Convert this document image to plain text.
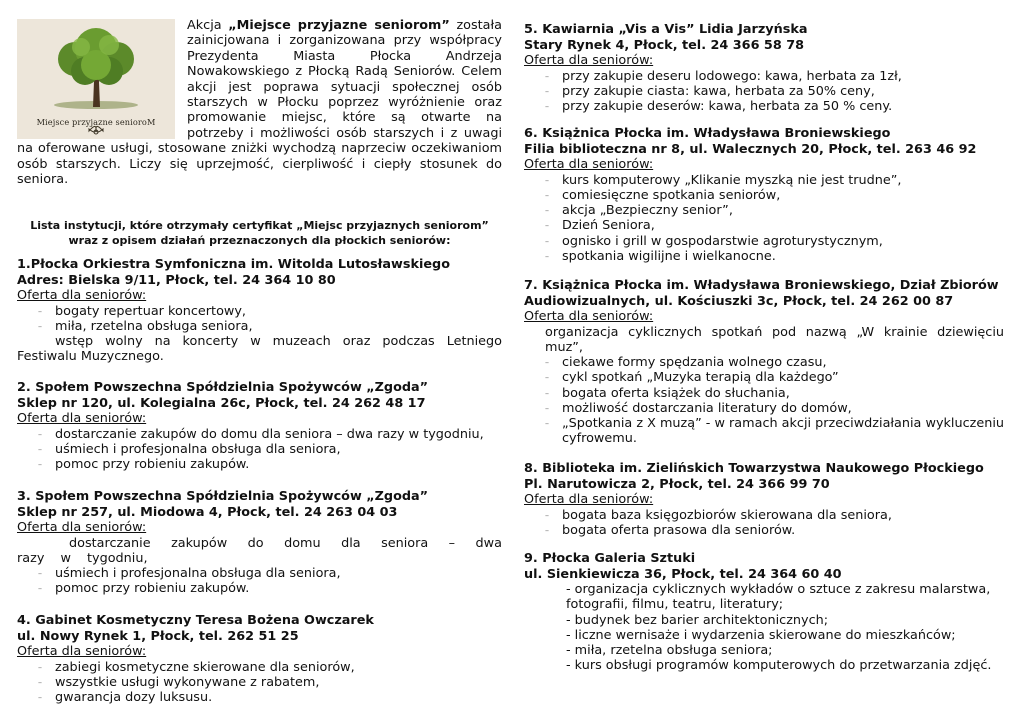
Miejsce przyjazne senioroM
Akcja „Miejsce przyjazne seniorom” została zainicjowana i zorganizowana przy współpracy Prezydenta Miasta Płocka Andrzeja Nowakowskiego z Płocką Radą Seniorów. Celem akcji jest poprawa sytuacji społecznej osób starszych w Płocku poprzez wyróżnienie oraz promowanie miejsc, które są otwarte na potrzeby i możliwości osób starszych i z uwagi na oferowane usługi, stosowane zniżki wychodzą naprzeciw oczekiwaniom osób starszych. Liczy się uprzejmość, cierpliwość i ciepły stosunek do seniora.
Lista instytucji, które otrzymały certyfikat „Miejsc przyjaznych seniorom”
wraz z opisem działań przeznaczonych dla płockich seniorów:
1.Płocka Orkiestra Symfoniczna im. Witolda Lutosławskiego
Adres: Bielska 9/11, Płock, tel. 24 364 10 80
Oferta dla seniorów:
– bogaty repertuar koncertowy,
– miła, rzetelna obsługa seniora,
– wstęp wolny na koncerty w muzeach oraz podczas Letniego Festiwalu Muzycznego.
2. Społem Powszechna Spółdzielnia Spożywców „Zgoda”
Sklep nr 120, ul. Kolegialna 26c, Płock, tel. 24 262 48 17
Oferta dla seniorów:
– dostarczanie zakupów do domu dla seniora – dwa razy w tygodniu,
– uśmiech i profesjonalna obsługa dla seniora,
– pomoc przy robieniu zakupów.
3. Społem Powszechna Spółdzielnia Spożywców „Zgoda”
Sklep nr 257, ul. Miodowa 4, Płock, tel. 24 263 04 03
Oferta dla seniorów:
– dostarczanie zakupów do domu dla seniora – dwa razy w tygodniu,
– uśmiech i profesjonalna obsługa dla seniora,
– pomoc przy robieniu zakupów.
4. Gabinet Kosmetyczny Teresa Bożena Owczarek
ul. Nowy Rynek 1, Płock, tel. 262 51 25
Oferta dla seniorów:
– zabiegi kosmetyczne skierowane dla seniorów,
– wszystkie usługi wykonywane z rabatem,
– gwarancja dozy luksusu.
5. Kawiarnia „Vis a Vis” Lidia Jarzyńska
Stary Rynek 4, Płock, tel. 24 366 58 78
Oferta dla seniorów:
– przy zakupie deseru lodowego: kawa, herbata za 1zł,
– przy zakupie ciasta: kawa, herbata za 50% ceny,
– przy zakupie deserów: kawa, herbata za 50 % ceny.
6. Książnica Płocka im. Władysława Broniewskiego
Filia biblioteczna nr 8, ul. Walecznych 20, Płock, tel. 263 46 92
Oferta dla seniorów:
– kurs komputerowy „Klikanie myszką nie jest trudne”,
– comiesięczne spotkania seniorów,
– akcja „Bezpieczny senior”,
– Dzień Seniora,
– ognisko i grill w gospodarstwie agroturystycznym,
– spotkania wigilijne i wielkanocne.
7. Książnica Płocka im. Władysława Broniewskiego, Dział Zbiorów
Audiowizualnych, ul. Kościuszki 3c, Płock, tel. 24 262 00 87
Oferta dla seniorów:
– organizacja cyklicznych spotkań pod nazwą „W krainie dziewięciu muz”,
– ciekawe formy spędzania wolnego czasu,
– cykl spotkań „Muzyka terapią dla każdego”
– bogata oferta książek do słuchania,
– możliwość dostarczania literatury do domów,
– „Spotkania z X muzą” - w ramach akcji przeciwdziałania wykluczeniu cyfrowemu.
8. Biblioteka im. Zielińskich Towarzystwa Naukowego Płockiego
Pl. Narutowicza 2, Płock, tel. 24 366 99 70
Oferta dla seniorów:
– bogata baza księgozbiorów skierowana dla seniora,
– bogata oferta prasowa dla seniorów.
9. Płocka Galeria Sztuki
ul. Sienkiewicza 36, Płock, tel. 24 364 60 40
- organizacja cyklicznych wykładów o sztuce z zakresu malarstwa, fotografii, filmu, teatru, literatury;
- budynek bez barier architektonicznych;
- liczne wernisaże i wydarzenia skierowane do mieszkańców;
- miła, rzetelna obsługa seniora;
- kurs obsługi programów komputerowych do przetwarzania zdjęć.
